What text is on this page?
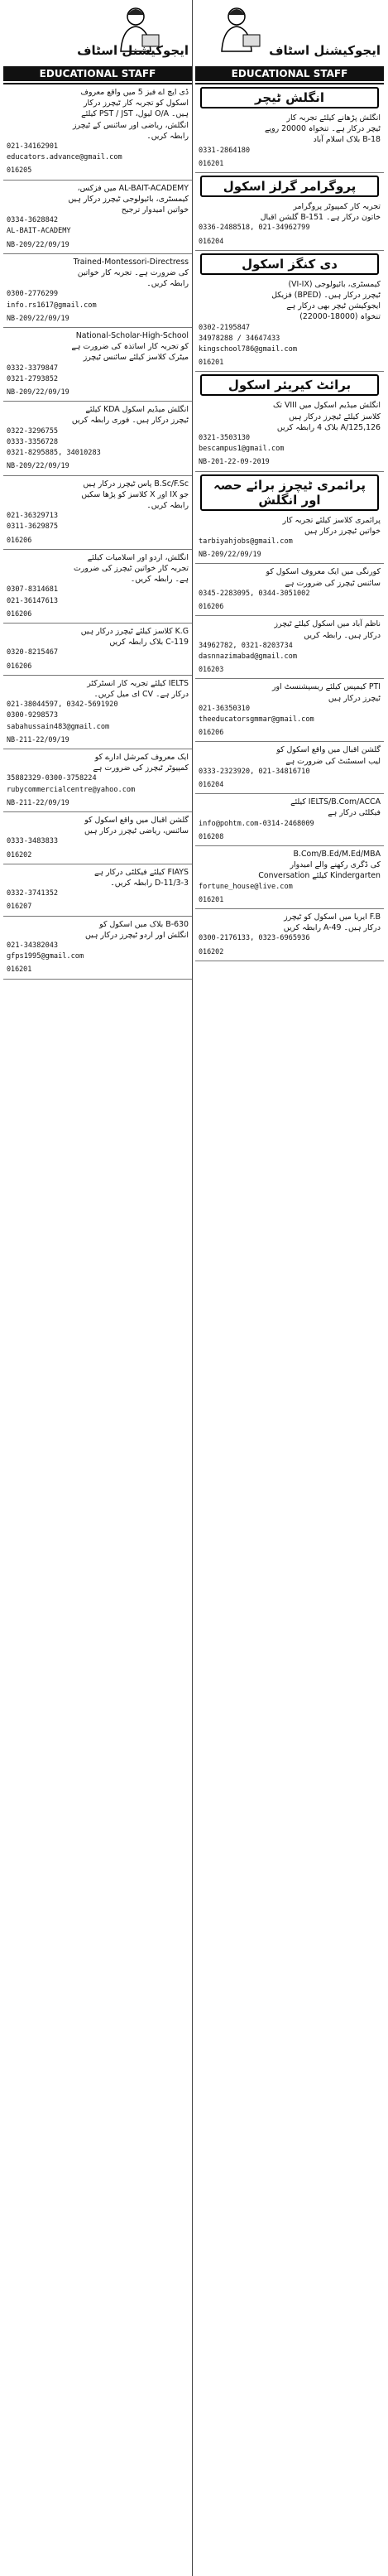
ایجوکیشنل اسٹاف
EDUCATIONAL STAFF
ڈی ایچ اے فیز 5 میں واقع معروف
اسکول کو تجربہ کار ٹیچرز درکار
ہیں۔ O/A لیول، PST / JST کیلئے
انگلش، ریاضی اور سائنس کے ٹیچرز
رابطہ کریں۔
021-34162901
educators.advance@gmail.com
016205
AL-BAIT-ACADEMY میں فزکس،
کیمسٹری، بائیولوجی ٹیچرز درکار ہیں
خواتین امیدوار ترجیح
0334-3628842
AL-BAIT-ACADEMY
NB-209/22/09/19
Trained-Montessori-Directress
کی ضرورت ہے۔ تجربہ کار خواتین
رابطہ کریں۔
0300-2776299
info.rs1617@gmail.com
NB-209/22/09/19
National-Scholar-High-School
کو تجربہ کار اساتذہ کی ضرورت ہے
میٹرک کلاسز کیلئے سائنس ٹیچرز
0332-3379847
0321-2793852
NB-209/22/09/19
انگلش میڈیم اسکول KDA کیلئے
ٹیچرز درکار ہیں۔ فوری رابطہ کریں
0322-3296755
0333-3356728
0321-8295885, 34010283
NB-209/22/09/19
B.Sc/F.Sc پاس ٹیچرز درکار ہیں
جو IX اور X کلاسز کو پڑھا سکیں
رابطہ کریں۔
021-36329713
0311-3629875
016206
انگلش، اردو اور اسلامیات کیلئے
تجربہ کار خواتین ٹیچرز کی ضرورت
ہے۔ رابطہ کریں۔
0307-8314681
021-36147613
016206
K.G کلاسز کیلئے ٹیچرز درکار ہیں
C-119 بلاک رابطہ کریں
0320-8215467
016206
IELTS کیلئے تجربہ کار انسٹرکٹر
درکار ہے۔ CV ای میل کریں۔
021-38044597, 0342-5691920
0300-9298573
sabahussain483@gmail.com
NB-211-22/09/19
ایک معروف کمرشل ادارے کو
کمپیوٹر ٹیچرز کی ضرورت ہے
35882329-0300-3758224
rubycommercialcentre@yahoo.com
NB-211-22/09/19
گلشن اقبال میں واقع اسکول کو
سائنس، ریاضی ٹیچرز درکار ہیں
0333-3483833
016202
FIAYS کیلئے فیکلٹی درکار ہے
3-D-11/3 رابطہ کریں۔
0332-3741352
016207
B-630 بلاک میں اسکول کو
انگلش اور اردو ٹیچرز درکار ہیں
021-34382043
gfps1995@gmail.com
016201
ایجوکیشنل اسٹاف
EDUCATIONAL STAFF
انگلش ٹیچر
انگلش پڑھانے کیلئے تجربہ کار
ٹیچر درکار ہے۔ تنخواہ 20000 روپے
B-18 بلاک اسلام آباد
0331-2864180
016201
پروگرامر گرلز اسکول
تجربہ کار کمپیوٹر پروگرامر
خاتون درکار ہے۔ B-151 گلشن اقبال
0336-2488518, 021-34962799
016204
دی کنگز اسکول
کیمسٹری، بائیولوجی (VI-IX)
ٹیچرز درکار ہیں۔ (BPED) فزیکل
ایجوکیشن ٹیچر بھی درکار ہے
تنخواہ (18000-22000)
0302-2195847
34978288 / 34647433
kingschool786@gmail.com
016201
برائٹ کیریئر اسکول
انگلش میڈیم اسکول میں VIII تک
کلاسز کیلئے ٹیچرز درکار ہیں
A/125,126 بلاک 4 رابطہ کریں
0321-3503130
bescampus1@gmail.com
NB-201-22-09-2019
پرائمری ٹیچرز برائے حصہ اور انگلش
پرائمری کلاسز کیلئے تجربہ کار
خواتین ٹیچرز درکار ہیں
tarbiyahjobs@gmail.com
NB-209/22/09/19
کورنگی میں ایک معروف اسکول کو
سائنس ٹیچرز کی ضرورت ہے
0345-2283095, 0344-3051002
016206
ناظم آباد میں اسکول کیلئے ٹیچرز
درکار ہیں۔ رابطہ کریں
34962782, 0321-8203734
dasnnazimabad@gmail.com
016203
PTI کیمپس کیلئے ریسپشنسٹ اور
ٹیچرز درکار ہیں
021-36350310
theeducatorsgmmar@gmail.com
016206
گلشن اقبال میں واقع اسکول کو
لیب اسسٹنٹ کی ضرورت ہے
0333-2323920, 021-34816710
016204
IELTS/B.Com/ACCA کیلئے
فیکلٹی درکار ہے
info@pohtm.com-0314-2468009
016208
B.Com/B.Ed/M.Ed/MBA
کی ڈگری رکھنے والے امیدوار
Kindergarten کیلئے Conversation
fortune_house@live.com
016201
F.B ایریا میں اسکول کو ٹیچرز
درکار ہیں۔ A-49 رابطہ کریں
0300-2176133, 0323-6965936
016202
